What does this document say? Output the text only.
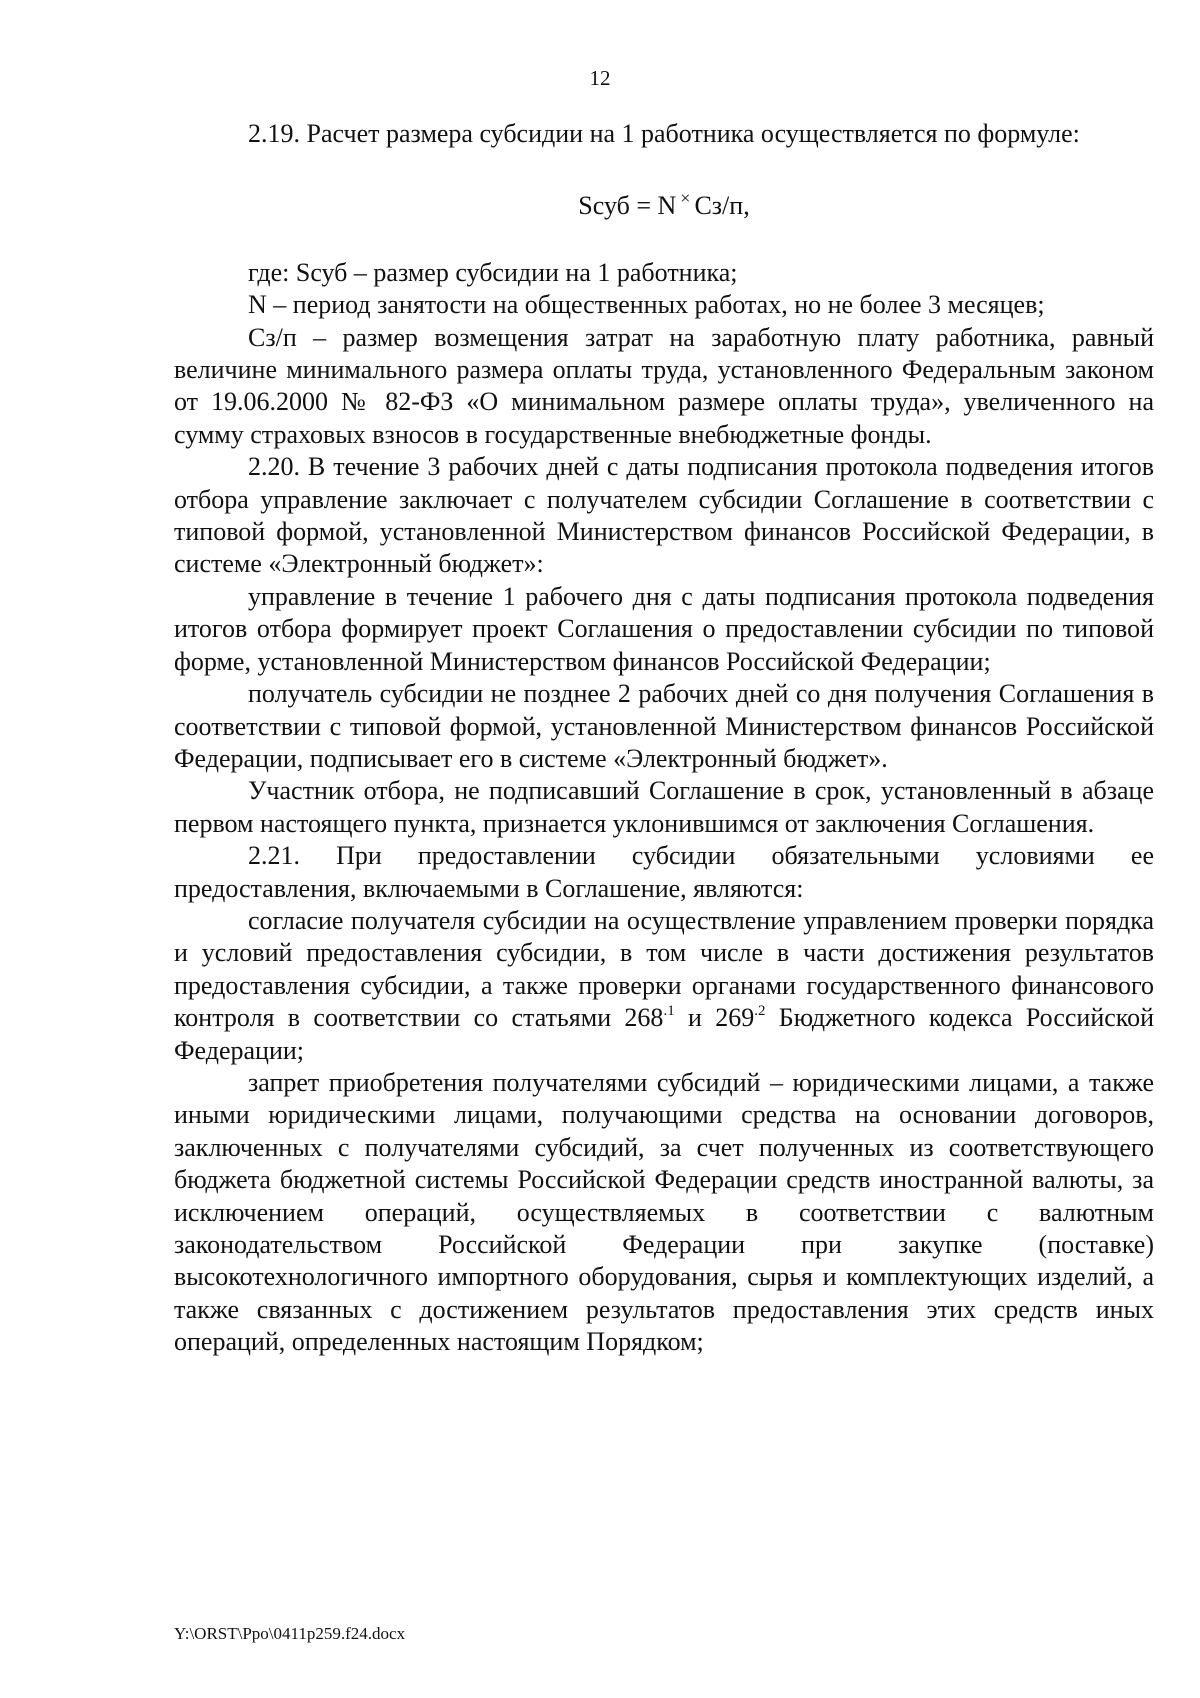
12

2.19. Расчет размера субсидии на 1 работника осуществляется по формуле:

Sсуб = N × Сз/п,

где: Sсуб – размер субсидии на 1 работника;

N – период занятости на общественных работах, но не более 3 месяцев;

Сз/п – размер возмещения затрат на заработную плату работника, равный величине минимального размера оплаты труда, установленного Федеральным законом от 19.06.2000 № 82-ФЗ «О минимальном размере оплаты труда», увеличенного на сумму страховых взносов в государственные внебюджетные фонды.

2.20. В течение 3 рабочих дней с даты подписания протокола подведения итогов отбора управление заключает с получателем субсидии Соглашение в соответствии с типовой формой, установленной Министерством финансов Российской Федерации, в системе «Электронный бюджет»:

управление в течение 1 рабочего дня с даты подписания протокола подведения итогов отбора формирует проект Соглашения о предоставлении субсидии по типовой форме, установленной Министерством финансов Российской Федерации;

получатель субсидии не позднее 2 рабочих дней со дня получения Соглашения в соответствии с типовой формой, установленной Министерством финансов Российской Федерации, подписывает его в системе «Электронный бюджет».

Участник отбора, не подписавший Соглашение в срок, установленный в абзаце первом настоящего пункта, признается уклонившимся от заключения Соглашения.

2.21. При предоставлении субсидии обязательными условиями ее предоставления, включаемыми в Соглашение, являются:

согласие получателя субсидии на осуществление управлением проверки порядка и условий предоставления субсидии, в том числе в части достижения результатов предоставления субсидии, а также проверки органами государственного финансового контроля в соответствии со статьями $268^{.1}$ и $269^{.2}$ Бюджетного кодекса Российской Федерации;

запрет приобретения получателями субсидий – юридическими лицами, а также иными юридическими лицами, получающими средства на основании договоров, заключенных с получателями субсидий, за счет полученных из соответствующего бюджета бюджетной системы Российской Федерации средств иностранной валюты, за исключением операций, осуществляемых в соответствии с валютным законодательством Российской Федерации при закупке (поставке) высокотехнологичного импортного оборудования, сырья и комплектующих изделий, а также связанных с достижением результатов предоставления этих средств иных операций, определенных настоящим Порядком;

Y:\ORST\Ppo\0411p259.f24.docx
